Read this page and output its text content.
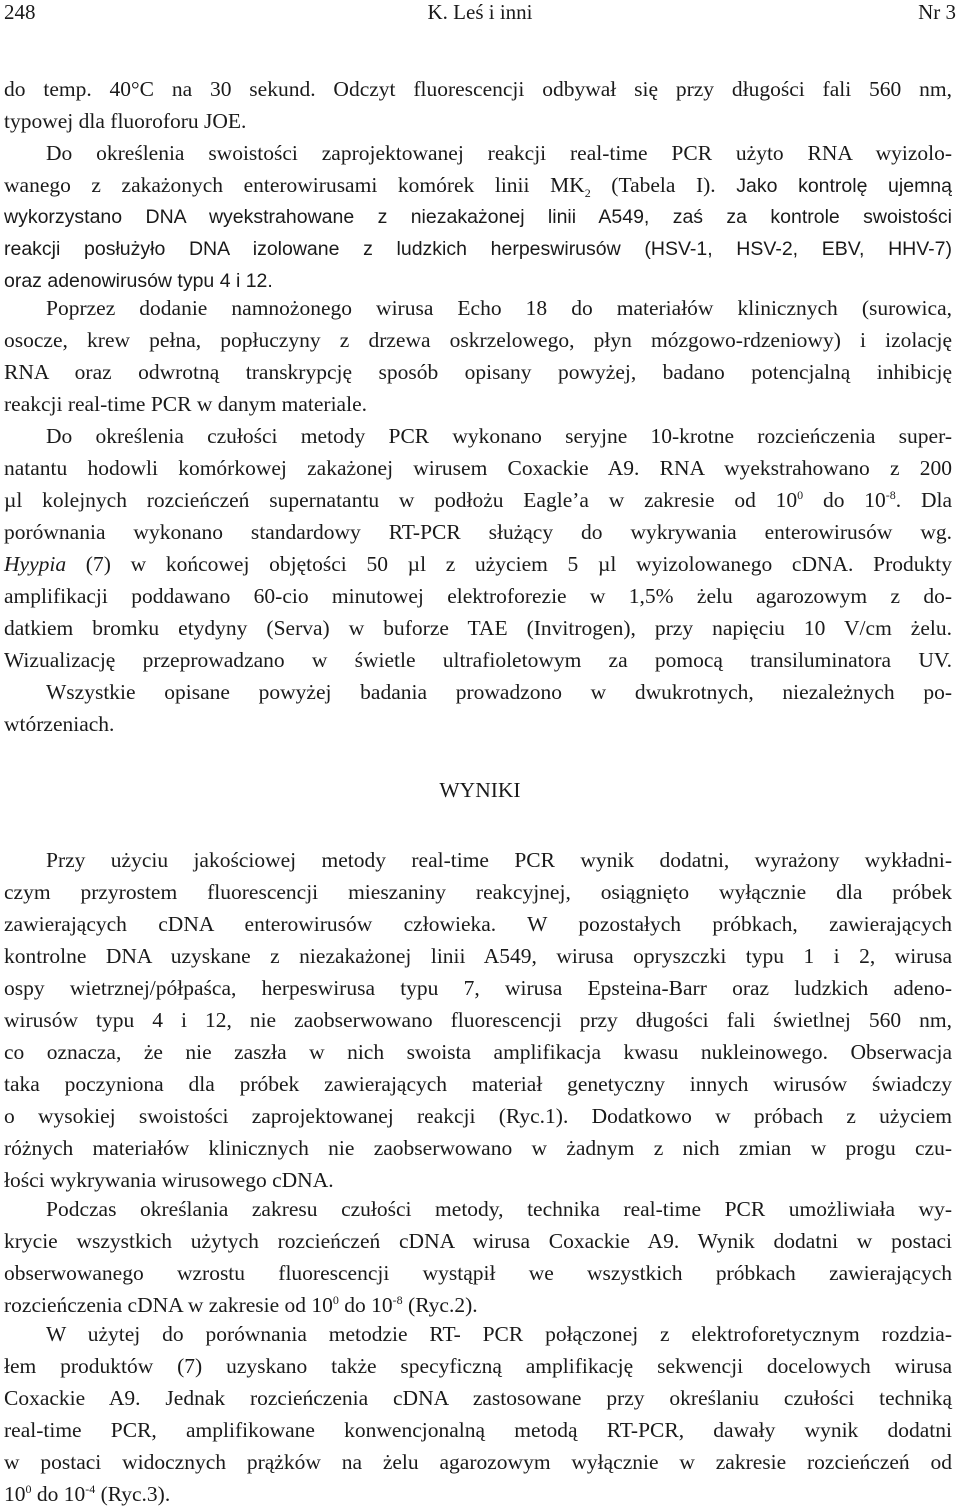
248	K. Leś i inni	Nr 3
do temp. 40°C na 30 sekund. Odczyt fluorescencji odbywał się przy długości fali 560 nm,
typowej dla fluoroforu JOE.
Do określenia swoistości zaprojektowanej reakcji real-time PCR użyto RNA wyizolo-
wanego z zakażonych enterowirusami komórek linii $MK_2$ (Tabela I). Jako kontrolę ujemną
wykorzystano DNA wyekstrahowane z niezakażonej linii A549, zaś za kontrole swoistości
reakcji posłużyło DNA izolowane z ludzkich herpeswirusów (HSV-1, HSV-2, EBV, HHV-7)
oraz adenowirusów typu 4 i 12.
Poprzez dodanie namnożonego wirusa Echo 18 do materiałów klinicznych (surowica,
osocze, krew pełna, popłuczyny z drzewa oskrzelowego, płyn mózgowo-rdzeniowy) i izolację
RNA oraz odwrotną transkrypcję sposób opisany powyżej, badano potencjalną inhibicję
reakcji real-time PCR w danym materiale.
Do określenia czułości metody PCR wykonano seryjne 10-krotne rozcieńczenia super-
natantu hodowli komórkowej zakażonej wirusem Coxackie A9. RNA wyekstrahowano z 200
µl kolejnych rozcieńczeń supernatantu w podłożu Eagle’a w zakresie od $10^0$ do $10^{-8}$. Dla
porównania wykonano standardowy RT-PCR służący do wykrywania enterowirusów wg.
Hyypia (7) w końcowej objętości 50 µl z użyciem 5 µl wyizolowanego cDNA. Produkty
amplifikacji poddawano 60-cio minutowej elektroforezie w 1,5% żelu agarozowym z do-
datkiem bromku etydyny (Serva) w buforze TAE (Invitrogen), przy napięciu 10 V/cm żelu.
Wizualizację przeprowadzano w świetle ultrafioletowym za pomocą transiluminatora UV.
Wszystkie opisane powyżej badania prowadzono w dwukrotnych, niezależnych po-
wtórzeniach.
WYNIKI
Przy użyciu jakościowej metody real-time PCR wynik dodatni, wyrażony wykładni-
czym przyrostem fluorescencji mieszaniny reakcyjnej, osiągnięto wyłącznie dla próbek
zawierających cDNA enterowirusów człowieka. W pozostałych próbkach, zawierających
kontrolne DNA uzyskane z niezakażonej linii A549, wirusa opryszczki typu 1 i 2, wirusa
ospy wietrznej/półpaśca, herpeswirusa typu 7, wirusa Epsteina-Barr oraz ludzkich adeno-
wirusów typu 4 i 12, nie zaobserwowano fluorescencji przy długości fali świetlnej 560 nm,
co oznacza, że nie zaszła w nich swoista amplifikacja kwasu nukleinowego. Obserwacja
taka poczyniona dla próbek zawierających materiał genetyczny innych wirusów świadczy
o wysokiej swoistości zaprojektowanej reakcji (Ryc.1). Dodatkowo w próbach z użyciem
różnych materiałów klinicznych nie zaobserwowano w żadnym z nich zmian w progu czu-
łości wykrywania wirusowego cDNA.
Podczas określania zakresu czułości metody, technika real-time PCR umożliwiała wy-
krycie wszystkich użytych rozcieńczeń cDNA wirusa Coxackie A9. Wynik dodatni w postaci
obserwowanego wzrostu fluorescencji wystąpił we wszystkich próbkach zawierających
rozcieńczenia cDNA w zakresie od $10^0$ do $10^{-8}$ (Ryc.2).
W użytej do porównania metodzie RT- PCR połączonej z elektroforetycznym rozdzia-
łem produktów (7) uzyskano także specyficzną amplifikację sekwencji docelowych wirusa
Coxackie A9. Jednak rozcieńczenia cDNA zastosowane przy określaniu czułości techniką
real-time PCR, amplifikowane konwencjonalną metodą RT-PCR, dawały wynik dodatni
w postaci widocznych prążków na żelu agarozowym wyłącznie w zakresie rozcieńczeń od
$10^0$ do $10^{-4}$ (Ryc.3).
